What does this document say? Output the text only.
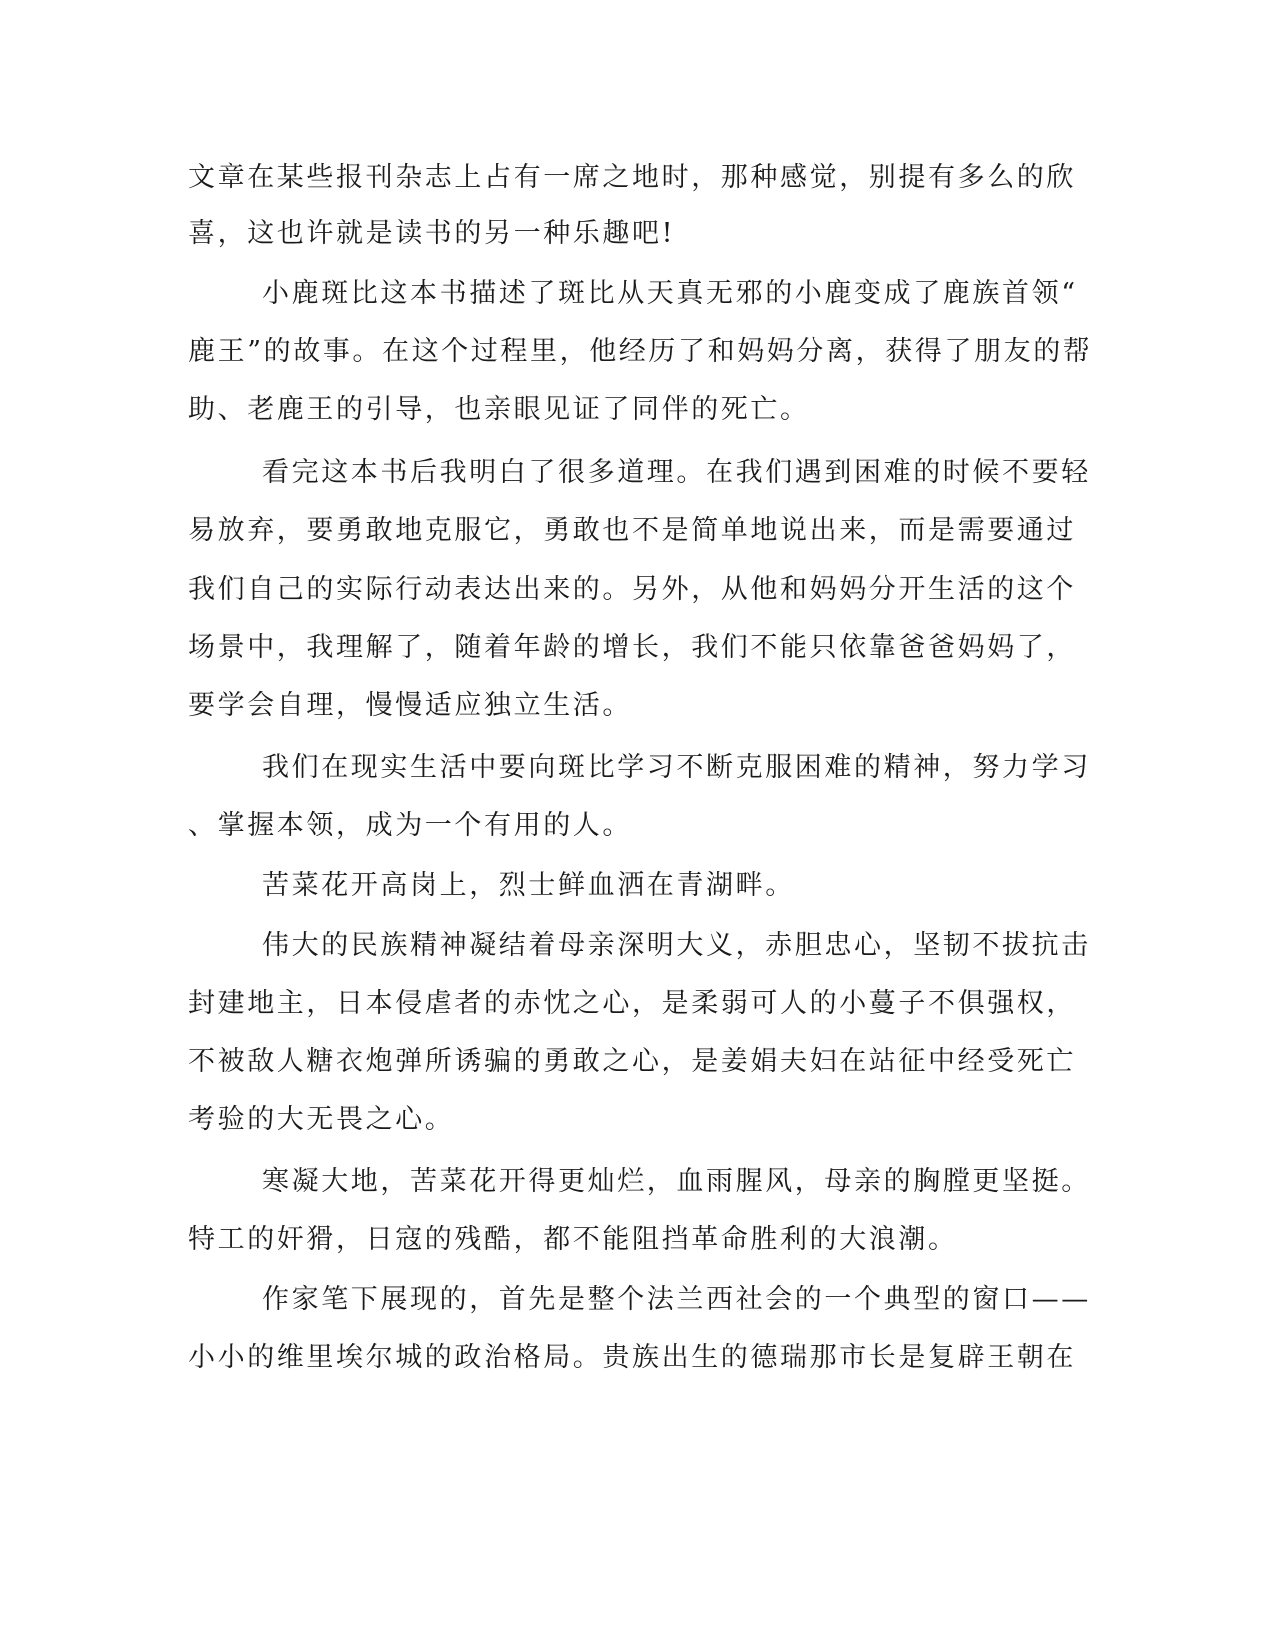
文章在某些报刊杂志上占有一席之地时，那种感觉，别提有多么的欣
喜，这也许就是读书的另一种乐趣吧!
小鹿斑比这本书描述了斑比从天真无邪的小鹿变成了鹿族首领“
鹿王”的故事。在这个过程里，他经历了和妈妈分离，获得了朋友的帮
助、老鹿王的引导，也亲眼见证了同伴的死亡。
看完这本书后我明白了很多道理。在我们遇到困难的时候不要轻
易放弃，要勇敢地克服它，勇敢也不是简单地说出来，而是需要通过
我们自己的实际行动表达出来的。另外，从他和妈妈分开生活的这个
场景中，我理解了，随着年龄的增长，我们不能只依靠爸爸妈妈了，
要学会自理，慢慢适应独立生活。
我们在现实生活中要向斑比学习不断克服困难的精神，努力学习
、掌握本领，成为一个有用的人。
苦菜花开高岗上，烈士鲜血洒在青湖畔。
伟大的民族精神凝结着母亲深明大义，赤胆忠心，坚韧不拔抗击
封建地主，日本侵虐者的赤忱之心，是柔弱可人的小蔓子不俱强权，
不被敌人糖衣炮弹所诱骗的勇敢之心，是姜娟夫妇在站征中经受死亡
考验的大无畏之心。
寒凝大地，苦菜花开得更灿烂，血雨腥风，母亲的胸膛更坚挺。
特工的奸猾，日寇的残酷，都不能阻挡革命胜利的大浪潮。
作家笔下展现的，首先是整个法兰西社会的一个典型的窗口——
小小的维里埃尔城的政治格局。贵族出生的德瑞那市长是复辟王朝在
